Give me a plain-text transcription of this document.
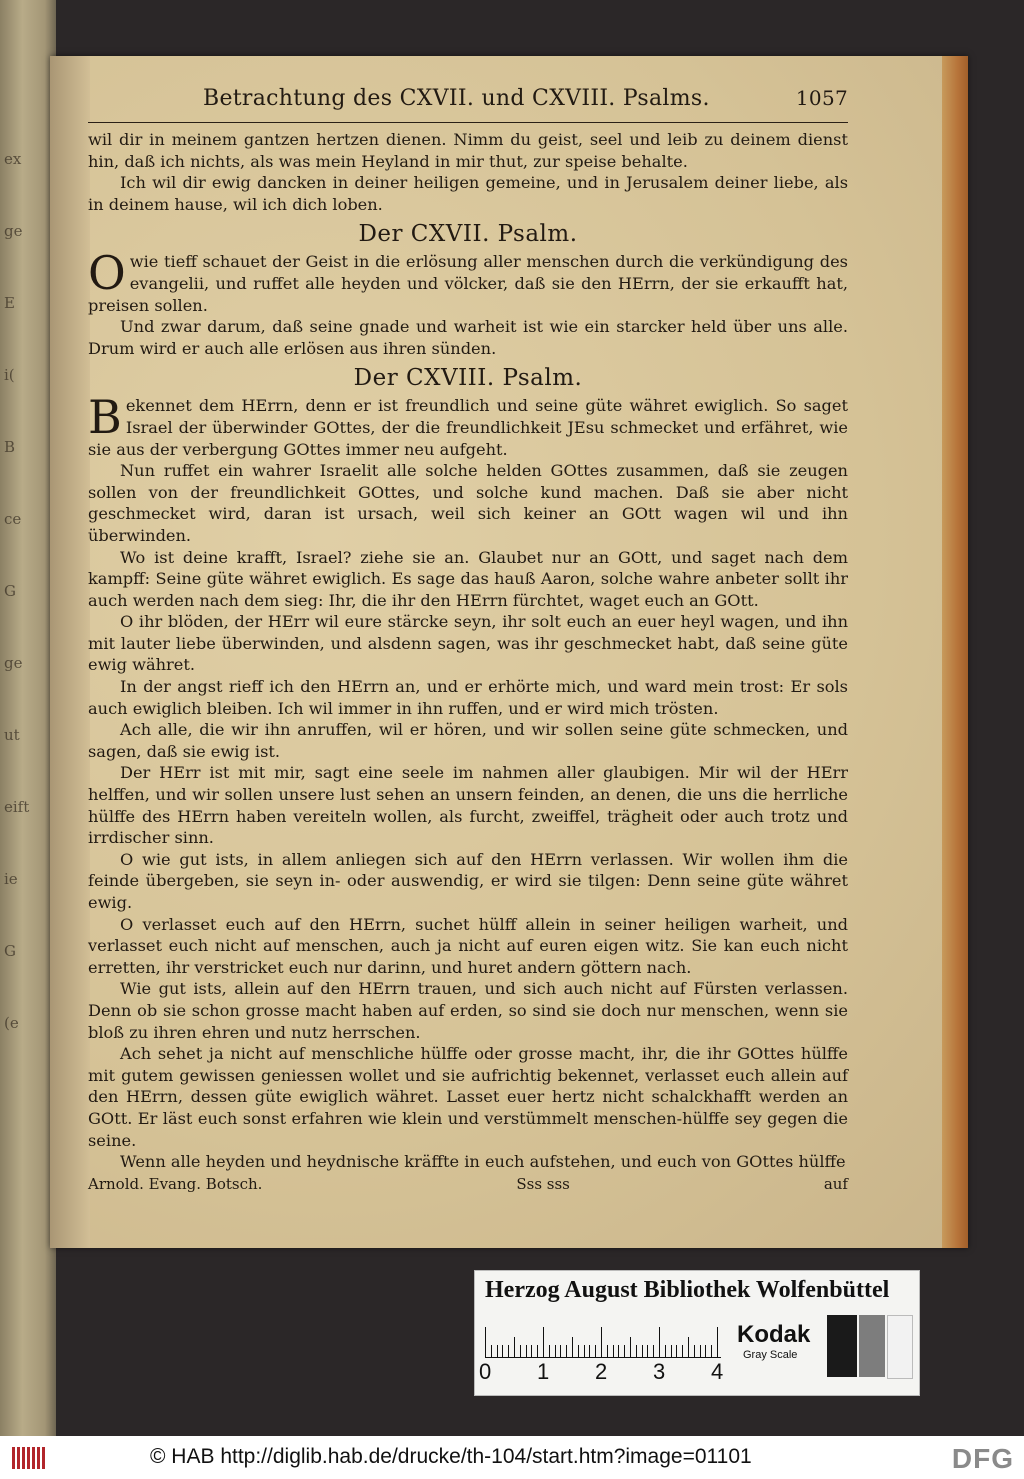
ex
ge
E
i(
B
ce
G
ge
ut
eift
ie
G
(e
Betrachtung des CXVII. und CXVIII. Psalms.	1057

wil dir in meinem gantzen hertzen dienen. Nimm du geist, seel und leib zu deinem dienst hin, daß ich nichts, als was mein Heyland in mir thut, zur speise behalte.

Ich wil dir ewig dancken in deiner heiligen gemeine, und in Jerusalem deiner liebe, als in deinem hause, wil ich dich loben.

Der CXVII. Psalm.

Owie tieff schauet der Geist in die erlösung aller menschen durch die verkündigung des evangelii, und ruffet alle heyden und völcker, daß sie den HErrn, der sie erkaufft hat, preisen sollen.

Und zwar darum, daß seine gnade und warheit ist wie ein starcker held über uns alle. Drum wird er auch alle erlösen aus ihren sünden.

Der CXVIII. Psalm.

Bekennet dem HErrn, denn er ist freundlich und seine güte währet ewiglich. So saget Israel der überwinder GOttes, der die freundlichkeit JEsu schmecket und erfähret, wie sie aus der verbergung GOttes immer neu aufgeht.

Nun ruffet ein wahrer Israelit alle solche helden GOttes zusammen, daß sie zeugen sollen von der freundlichkeit GOttes, und solche kund machen. Daß sie aber nicht geschmecket wird, daran ist ursach, weil sich keiner an GOtt wagen wil und ihn überwinden.

Wo ist deine krafft, Israel? ziehe sie an. Glaubet nur an GOtt, und saget nach dem kampff: Seine güte währet ewiglich. Es sage das hauß Aaron, solche wahre anbeter sollt ihr auch werden nach dem sieg: Ihr, die ihr den HErrn fürchtet, waget euch an GOtt.

O ihr blöden, der HErr wil eure stärcke seyn, ihr solt euch an euer heyl wagen, und ihn mit lauter liebe überwinden, und alsdenn sagen, was ihr geschmecket habt, daß seine güte ewig währet.

In der angst rieff ich den HErrn an, und er erhörte mich, und ward mein trost: Er sols auch ewiglich bleiben. Ich wil immer in ihn ruffen, und er wird mich trösten.

Ach alle, die wir ihn anruffen, wil er hören, und wir sollen seine güte schmecken, und sagen, daß sie ewig ist.

Der HErr ist mit mir, sagt eine seele im nahmen aller glaubigen. Mir wil der HErr helffen, und wir sollen unsere lust sehen an unsern feinden, an denen, die uns die herrliche hülffe des HErrn haben vereiteln wollen, als furcht, zweiffel, trägheit oder auch trotz und irrdischer sinn.

O wie gut ists, in allem anliegen sich auf den HErrn verlassen. Wir wollen ihm die feinde übergeben, sie seyn in- oder auswendig, er wird sie tilgen: Denn seine güte währet ewig.

O verlasset euch auf den HErrn, suchet hülff allein in seiner heiligen warheit, und verlasset euch nicht auf menschen, auch ja nicht auf euren eigen witz. Sie kan euch nicht erretten, ihr verstricket euch nur darinn, und huret andern göttern nach.

Wie gut ists, allein auf den HErrn trauen, und sich auch nicht auf Fürsten verlassen. Denn ob sie schon grosse macht haben auf erden, so sind sie doch nur menschen, wenn sie bloß zu ihren ehren und nutz herrschen.

Ach sehet ja nicht auf menschliche hülffe oder grosse macht, ihr, die ihr GOttes hülffe mit gutem gewissen geniessen wollet und sie aufrichtig bekennet, verlasset euch allein auf den HErrn, dessen güte ewiglich währet. Lasset euer hertz nicht schalckhafft werden an GOtt. Er läst euch sonst erfahren wie klein und verstümmelt menschen-hülffe sey gegen die seine.

Wenn alle heyden und heydnische kräffte in euch aufstehen, und euch von GOttes hülffe

Arnold. Evang. Botsch.	Sss sss	auf
Herzog August Bibliothek Wolfenbüttel
0 1 2 3 4
Kodak
Gray Scale
© HAB http://diglib.hab.de/drucke/th-104/start.htm?image=01101	DFG
